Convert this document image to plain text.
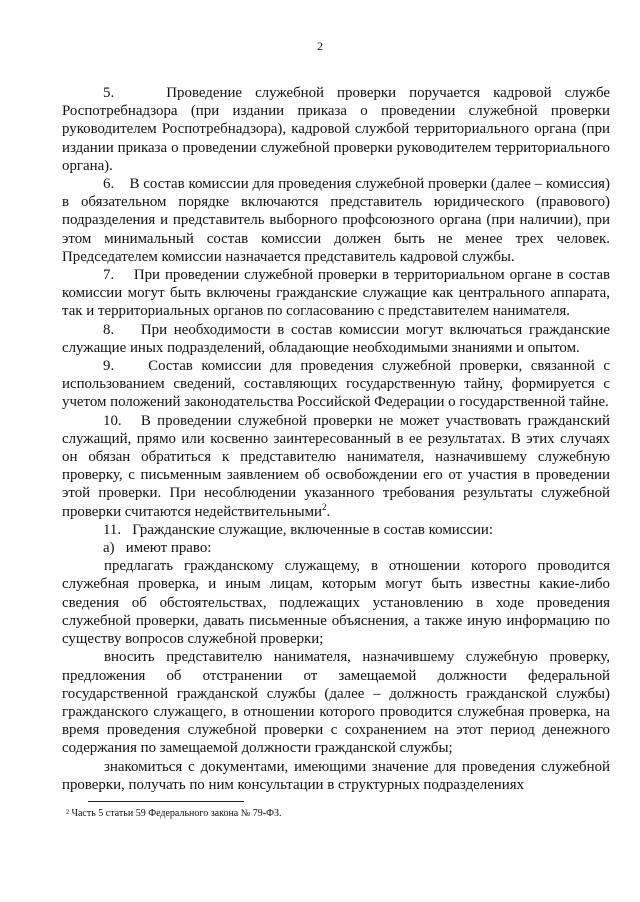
2

5.    Проведение служебной проверки поручается кадровой службе Роспотребнадзора (при издании приказа о проведении служебной проверки руководителем Роспотребнадзора), кадровой службой территориального органа (при издании приказа о проведении служебной проверки руководителем территориального органа).

6.    В состав комиссии для проведения служебной проверки (далее – комиссия) в обязательном порядке включаются представитель юридического (правового) подразделения и представитель выборного профсоюзного органа (при наличии), при этом минимальный состав комиссии должен быть не менее трех человек. Председателем комиссии назначается представитель кадровой службы.

7.    При проведении служебной проверки в территориальном органе в состав комиссии могут быть включены гражданские служащие как центрального аппарата, так и территориальных органов по согласованию с представителем нанимателя.

8.    При необходимости в состав комиссии могут включаться гражданские служащие иных подразделений, обладающие необходимыми знаниями и опытом.

9.    Состав комиссии для проведения служебной проверки, связанной с использованием сведений, составляющих государственную тайну, формируется с учетом положений законодательства Российской Федерации о государственной тайне.

10.   В проведении служебной проверки не может участвовать гражданский служащий, прямо или косвенно заинтересованный в ее результатах. В этих случаях он обязан обратиться к представителю нанимателя, назначившему служебную проверку, с письменным заявлением об освобождении его от участия в проведении этой проверки. При несоблюдении указанного требования результаты служебной проверки считаются недействительными$^2$.

11.   Гражданские служащие, включенные в состав комиссии:

а)   имеют право:

предлагать гражданскому служащему, в отношении которого проводится служебная проверка, и иным лицам, которым могут быть известны какие-либо сведения об обстоятельствах, подлежащих установлению в ходе проведения служебной проверки, давать письменные объяснения, а также иную информацию по существу вопросов служебной проверки;

вносить представителю нанимателя, назначившему служебную проверку, предложения об отстранении от замещаемой должности федеральной государственной гражданской службы (далее – должность гражданской службы) гражданского служащего, в отношении которого проводится служебная проверка, на время проведения служебной проверки с сохранением на этот период денежного содержания по замещаемой должности гражданской службы;

знакомиться с документами, имеющими значение для проведения служебной проверки, получать по ним консультации в структурных подразделениях

² Часть 5 статьи 59 Федерального закона № 79-ФЗ.
